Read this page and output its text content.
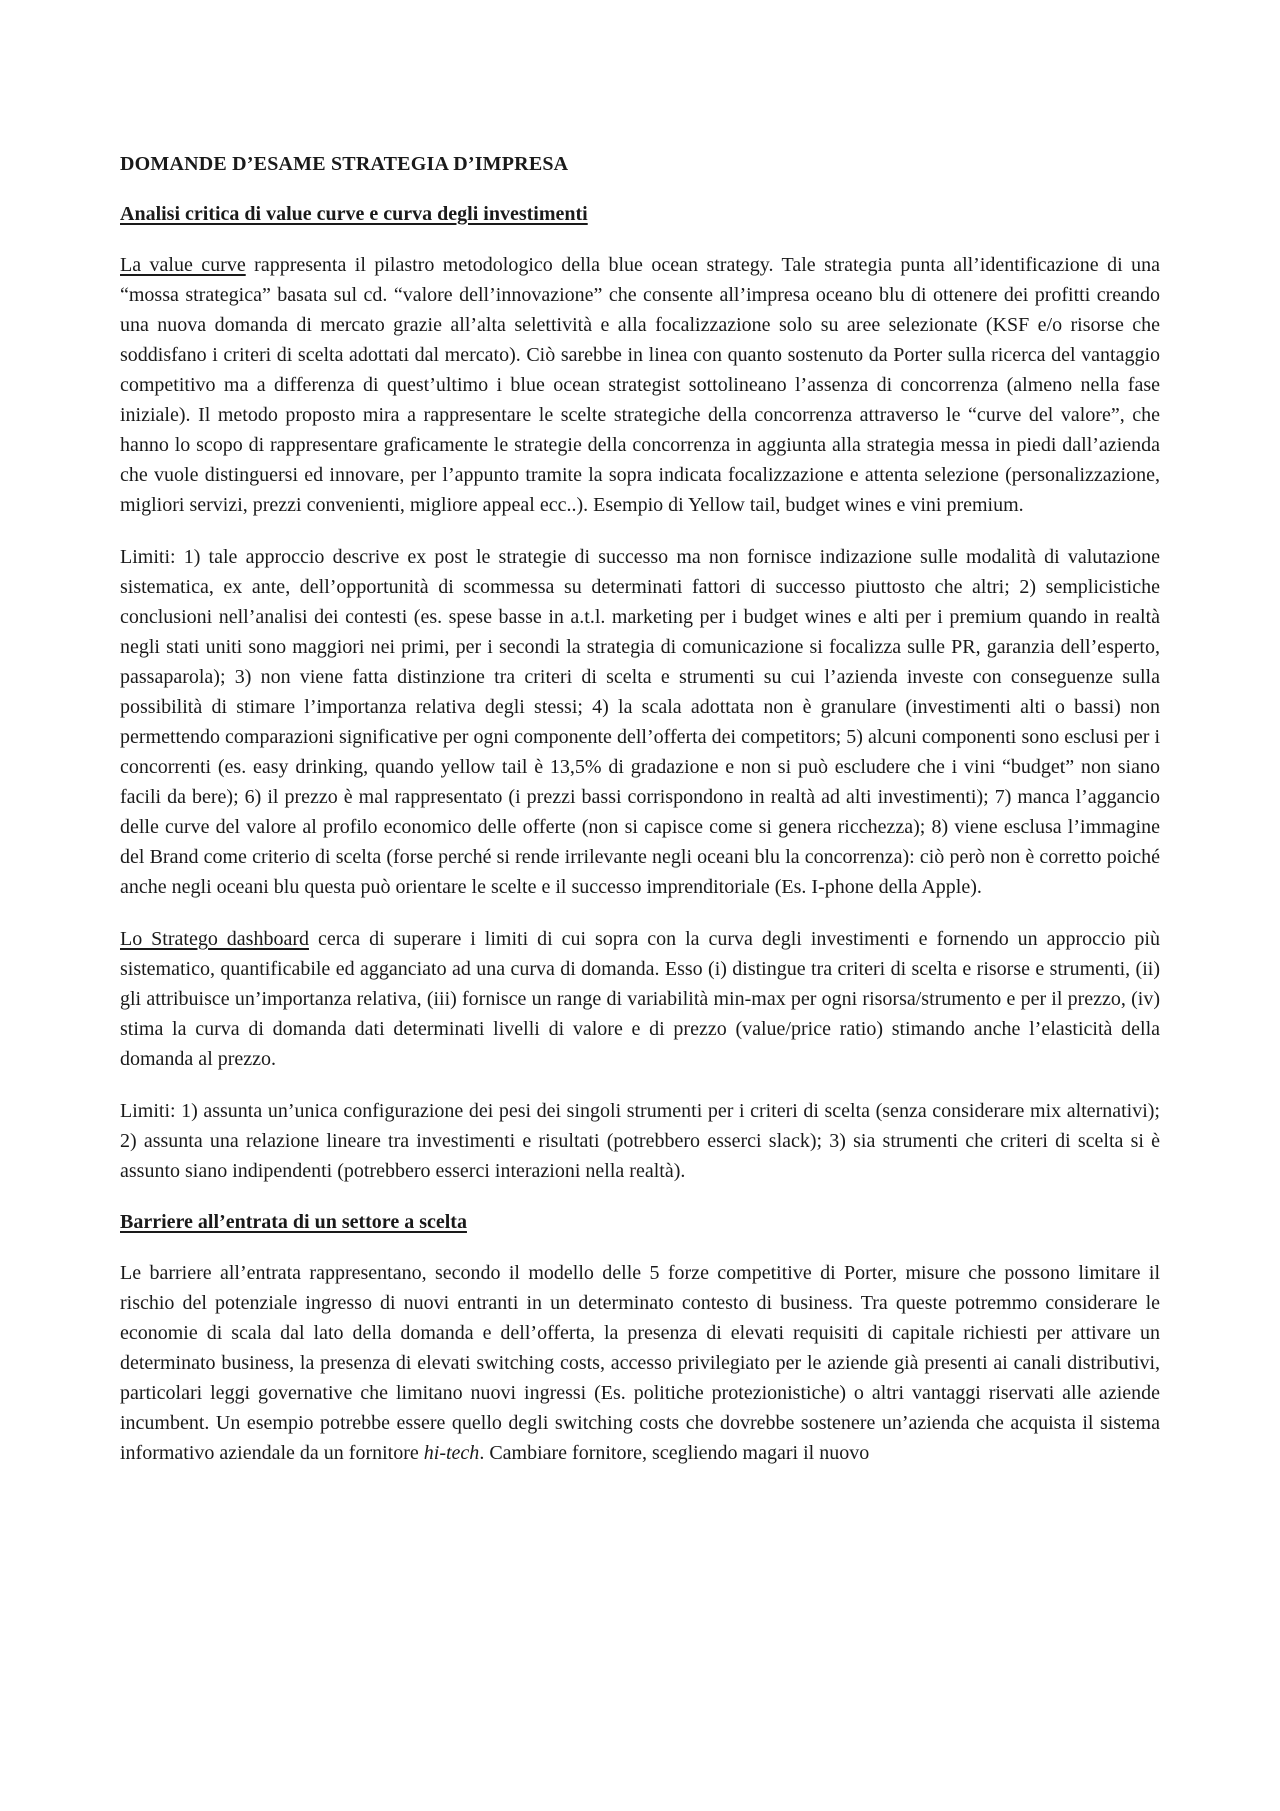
DOMANDE D’ESAME STRATEGIA D’IMPRESA
Analisi critica di value curve e curva degli investimenti

La value curve rappresenta il pilastro metodologico della blue ocean strategy. Tale strategia punta all’identificazione di una “mossa strategica” basata sul cd. “valore dell’innovazione” che consente all’impresa oceano blu di ottenere dei profitti creando una nuova domanda di mercato grazie all’alta selettività e alla focalizzazione solo su aree selezionate (KSF e/o risorse che soddisfano i criteri di scelta adottati dal mercato). Ciò sarebbe in linea con quanto sostenuto da Porter sulla ricerca del vantaggio competitivo ma a differenza di quest’ultimo i blue ocean strategist sottolineano l’assenza di concorrenza (almeno nella fase iniziale). Il metodo proposto mira a rappresentare le scelte strategiche della concorrenza attraverso le “curve del valore”, che hanno lo scopo di rappresentare graficamente le strategie della concorrenza in aggiunta alla strategia messa in piedi dall’azienda che vuole distinguersi ed innovare, per l’appunto tramite la sopra indicata focalizzazione e attenta selezione (personalizzazione, migliori servizi, prezzi convenienti, migliore appeal ecc..). Esempio di Yellow tail, budget wines e vini premium.

Limiti: 1) tale approccio descrive ex post le strategie di successo ma non fornisce indizazione sulle modalità di valutazione sistematica, ex ante, dell’opportunità di scommessa su determinati fattori di successo piuttosto che altri; 2) semplicistiche conclusioni nell’analisi dei contesti (es. spese basse in a.t.l. marketing per i budget wines e alti per i premium quando in realtà negli stati uniti sono maggiori nei primi, per i secondi la strategia di comunicazione si focalizza sulle PR, garanzia dell’esperto, passaparola); 3) non viene fatta distinzione tra criteri di scelta e strumenti su cui l’azienda investe con conseguenze sulla possibilità di stimare l’importanza relativa degli stessi; 4) la scala adottata non è granulare (investimenti alti o bassi) non permettendo comparazioni significative per ogni componente dell’offerta dei competitors; 5) alcuni componenti sono esclusi per i concorrenti (es. easy drinking, quando yellow tail è 13,5% di gradazione e non si può escludere che i vini “budget” non siano facili da bere); 6) il prezzo è mal rappresentato (i prezzi bassi corrispondono in realtà ad alti investimenti); 7) manca l’aggancio delle curve del valore al profilo economico delle offerte (non si capisce come si genera ricchezza); 8) viene esclusa l’immagine del Brand come criterio di scelta (forse perché si rende irrilevante negli oceani blu la concorrenza): ciò però non è corretto poiché anche negli oceani blu questa può orientare le scelte e il successo imprenditoriale (Es. I-phone della Apple).

Lo Stratego dashboard cerca di superare i limiti di cui sopra con la curva degli investimenti e fornendo un approccio più sistematico, quantificabile ed agganciato ad una curva di domanda. Esso (i) distingue tra criteri di scelta e risorse e strumenti, (ii) gli attribuisce un’importanza relativa, (iii) fornisce un range di variabilità min-max per ogni risorsa/strumento e per il prezzo, (iv) stima la curva di domanda dati determinati livelli di valore e di prezzo (value/price ratio) stimando anche l’elasticità della domanda al prezzo.

Limiti: 1) assunta un’unica configurazione dei pesi dei singoli strumenti per i criteri di scelta (senza considerare mix alternativi); 2) assunta una relazione lineare tra investimenti e risultati (potrebbero esserci slack); 3) sia strumenti che criteri di scelta si è assunto siano indipendenti (potrebbero esserci interazioni nella realtà).

Barriere all’entrata di un settore a scelta

Le barriere all’entrata rappresentano, secondo il modello delle 5 forze competitive di Porter, misure che possono limitare il rischio del potenziale ingresso di nuovi entranti in un determinato contesto di business. Tra queste potremmo considerare le economie di scala dal lato della domanda e dell’offerta, la presenza di elevati requisiti di capitale richiesti per attivare un determinato business, la presenza di elevati switching costs, accesso privilegiato per le aziende già presenti ai canali distributivi, particolari leggi governative che limitano nuovi ingressi (Es. politiche protezionistiche) o altri vantaggi riservati alle aziende incumbent. Un esempio potrebbe essere quello degli switching costs che dovrebbe sostenere un’azienda che acquista il sistema informativo aziendale da un fornitore hi-tech. Cambiare fornitore, scegliendo magari il nuovo
